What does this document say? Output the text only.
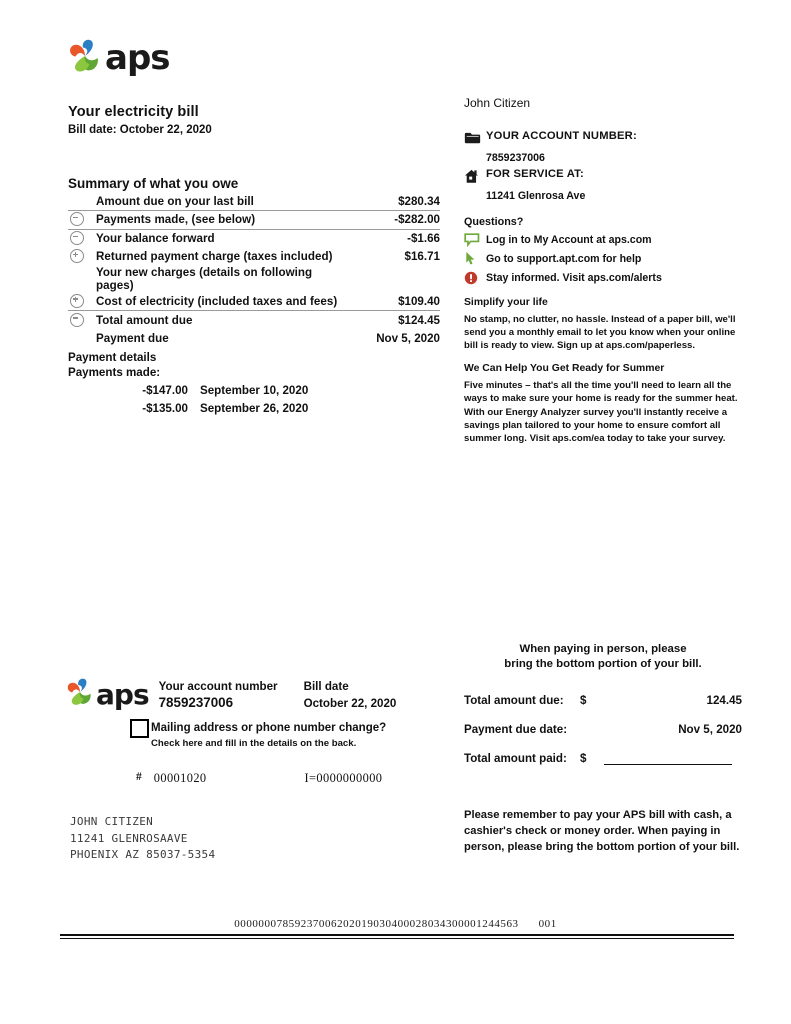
aps
Your electricity bill
Bill date: October 22, 2020
Summary of what you owe
	Amount due on your last bill	$280.34
	Payments made, (see below)	-$282.00
	Your balance forward	-$1.66
	Returned payment charge (taxes included)	$16.71
	Your new charges (details on following pages)	
	Cost of electricity (included taxes and fees)	$109.40
	Total amount due	$124.45
	Payment due	Nov 5, 2020
Payment details
Payments made:
-$147.00 September 10, 2020
-$135.00 September 26, 2020
John Citizen
YOUR ACCOUNT NUMBER:
7859237006
FOR SERVICE AT:
11241 Glenrosa Ave
Questions?
Log in to My Account at aps.com
Go to support.apt.com for help
Stay informed. Visit aps.com/alerts
Simplify your life
No stamp, no clutter, no hassle. Instead of a paper bill, we'll send you a monthly email to let you know when your online bill is ready to view. Sign up at aps.com/paperless.
We Can Help You Get Ready for Summer
Five minutes – that's all the time you'll need to learn all the ways to make sure your home is ready for the summer heat. With our Energy Analyzer survey you'll instantly receive a savings plan tailored to your home to ensure comfort all summer long. Visit aps.com/ea today to take your survey.
aps Your account number
7859237006
Bill date
October 22, 2020
Mailing address or phone number change?
Check here and fill in the details on the back.
# 00001020	I=0000000000
JOHN CITIZEN
11241 GLENROSAAVE
PHOENIX AZ 85037-5354
When paying in person, please
bring the bottom portion of your bill.
Total amount due:	$	124.45
Payment due date:		Nov 5, 2020
Total amount paid:	$	
Please remember to pay your APS bill with cash, a cashier's check or money order. When paying in person, please bring the bottom portion of your bill.
00000007859237006202019030400028034300001244563 001
